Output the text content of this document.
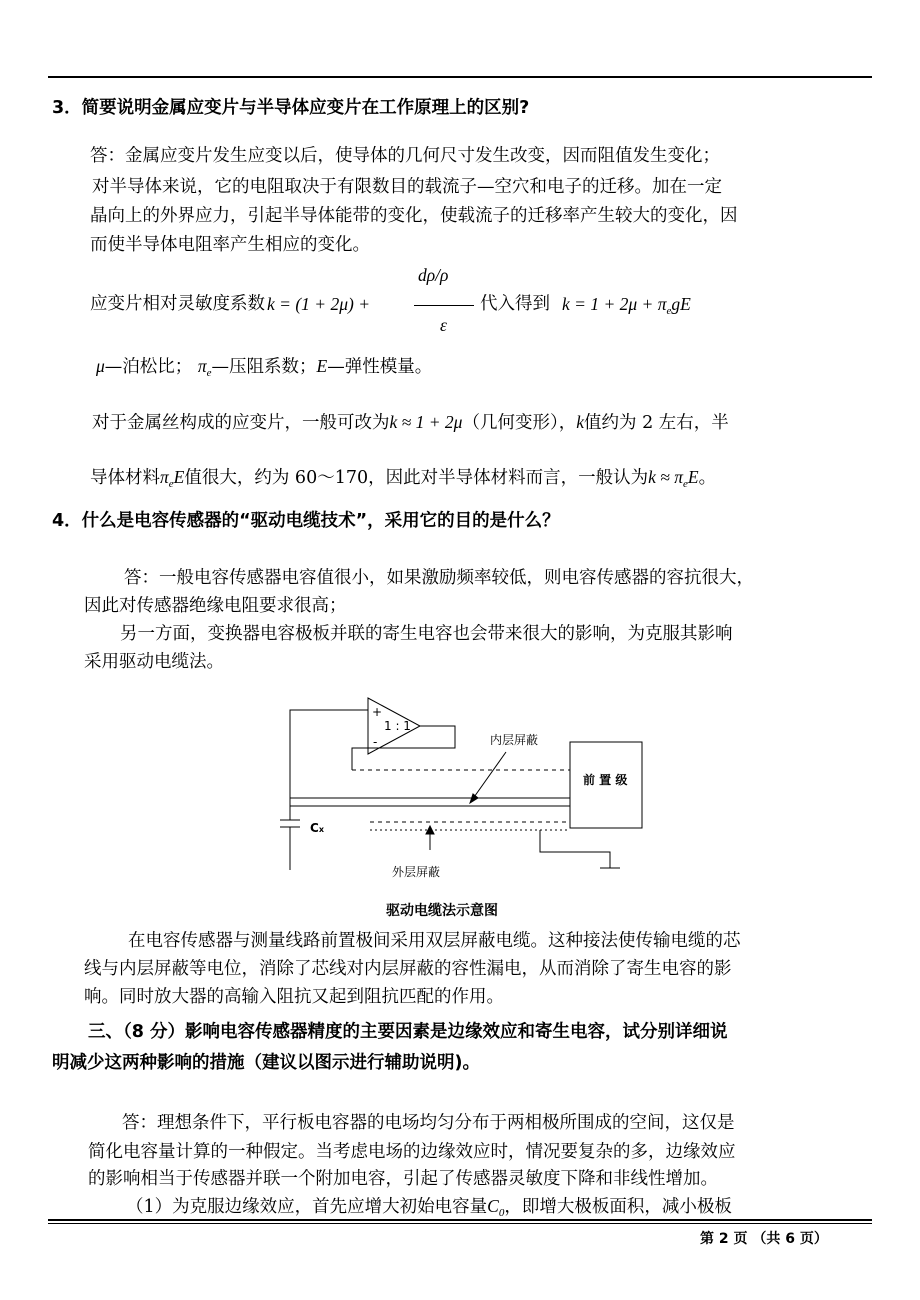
3．简要说明金属应变片与半导体应变片在工作原理上的区别?
答：金属应变片发生应变以后，使导体的几何尺寸发生改变，因而阻值发生变化；
对半导体来说，它的电阻取决于有限数目的载流子—空穴和电子的迁移。加在一定
晶向上的外界应力，引起半导体能带的变化，使载流子的迁移率产生较大的变化，因
而使半导体电阻率产生相应的变化。
应变片相对灵敏度系数 k = (1 + 2μ) +
dρ/ρ
ε
代入得到 $k = 1 + 2\mu + \pi_egE$
μ—泊松比； $\pi_e—$压阻系数；E—弹性模量。
对于金属丝构成的应变片，一般可改为k ≈ 1 + 2μ（几何变形），k值约为 2 左右，半
导体材料$\pi_eE$值很大，约为 60～170，因此对半导体材料而言，一般认为$k \approx \pi_eE$。
4．什么是电容传感器的“驱动电缆技术”，采用它的目的是什么？
答：一般电容传感器电容值很小，如果激励频率较低，则电容传感器的容抗很大，
因此对传感器绝缘电阻要求很高；
另一方面，变换器电容极板并联的寄生电容也会带来很大的影响，为克服其影响
采用驱动电缆法。
+
-
1 : 1
内层屏蔽
外层屏蔽
前 置 级
Cx
驱动电缆法示意图
在电容传感器与测量线路前置极间采用双层屏蔽电缆。这种接法使传输电缆的芯
线与内层屏蔽等电位，消除了芯线对内层屏蔽的容性漏电，从而消除了寄生电容的影
响。同时放大器的高输入阻抗又起到阻抗匹配的作用。
三、（8 分）影响电容传感器精度的主要因素是边缘效应和寄生电容，试分别详细说
明减少这两种影响的措施（建议以图示进行辅助说明)。
答：理想条件下，平行板电容器的电场均匀分布于两相极所围成的空间，这仅是
简化电容量计算的一种假定。当考虑电场的边缘效应时，情况要复杂的多，边缘效应
的影响相当于传感器并联一个附加电容，引起了传感器灵敏度下降和非线性增加。
（1）为克服边缘效应，首先应增大初始电容量$C_0$，即增大极板面积，减小极板
第 2 页 （共 6 页）
